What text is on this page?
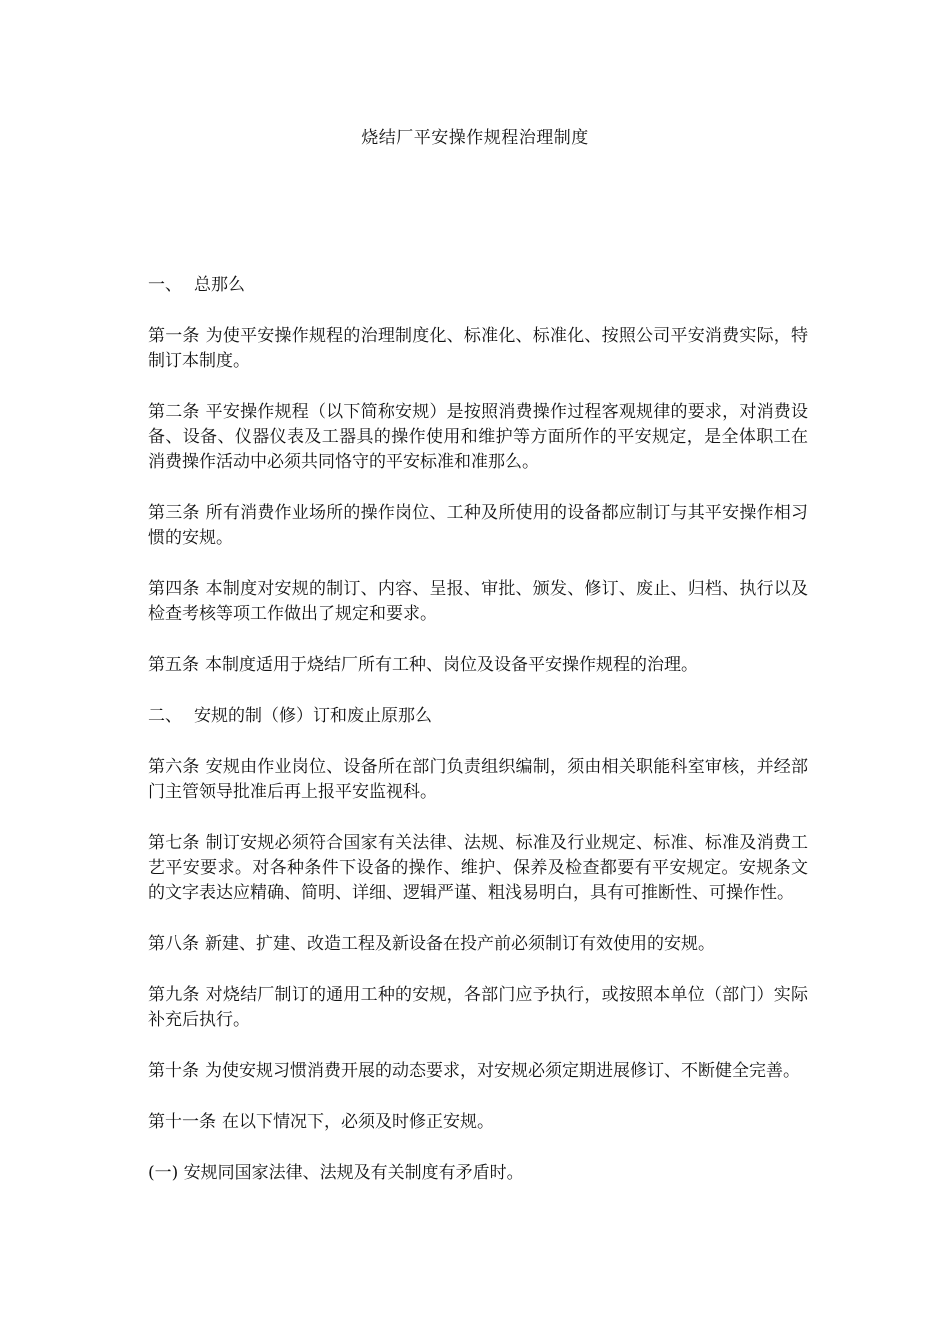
烧结厂平安操作规程治理制度
一、 总那么

第一条 为使平安操作规程的治理制度化、标准化、标准化、按照公司平安消费实际，特制订本制度。

第二条 平安操作规程（以下简称安规）是按照消费操作过程客观规律的要求，对消费设备、设备、仪器仪表及工器具的操作使用和维护等方面所作的平安规定，是全体职工在消费操作活动中必须共同恪守的平安标准和准那么。

第三条 所有消费作业场所的操作岗位、工种及所使用的设备都应制订与其平安操作相习惯的安规。

第四条 本制度对安规的制订、内容、呈报、审批、颁发、修订、废止、归档、执行以及检查考核等项工作做出了规定和要求。

第五条 本制度适用于烧结厂所有工种、岗位及设备平安操作规程的治理。

二、 安规的制（修）订和废止原那么

第六条 安规由作业岗位、设备所在部门负责组织编制，须由相关职能科室审核，并经部门主管领导批准后再上报平安监视科。

第七条 制订安规必须符合国家有关法律、法规、标准及行业规定、标准、标准及消费工艺平安要求。对各种条件下设备的操作、维护、保养及检查都要有平安规定。安规条文的文字表达应精确、简明、详细、逻辑严谨、粗浅易明白，具有可推断性、可操作性。

第八条 新建、扩建、改造工程及新设备在投产前必须制订有效使用的安规。

第九条 对烧结厂制订的通用工种的安规，各部门应予执行，或按照本单位（部门）实际补充后执行。

第十条 为使安规习惯消费开展的动态要求，对安规必须定期进展修订、不断健全完善。

第十一条 在以下情况下，必须及时修正安规。

(一) 安规同国家法律、法规及有关制度有矛盾时。
